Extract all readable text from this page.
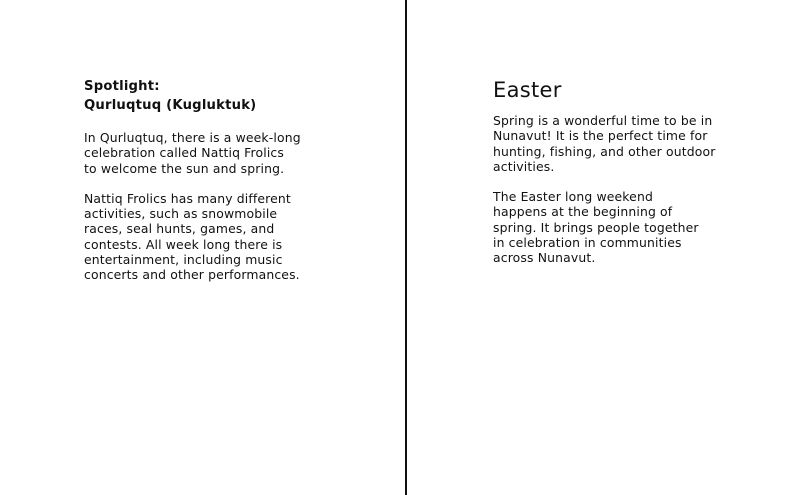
Spotlight:
Qurluqtuq (Kugluktuk)

In Qurluqtuq, there is a week-long
celebration called Nattiq Frolics
to welcome the sun and spring.

Nattiq Frolics has many different
activities, such as snowmobile
races, seal hunts, games, and
contests. All week long there is
entertainment, including music
concerts and other performances.

Easter

Spring is a wonderful time to be in
Nunavut! It is the perfect time for
hunting, fishing, and other outdoor
activities.

The Easter long weekend
happens at the beginning of
spring. It brings people together
in celebration in communities
across Nunavut.
